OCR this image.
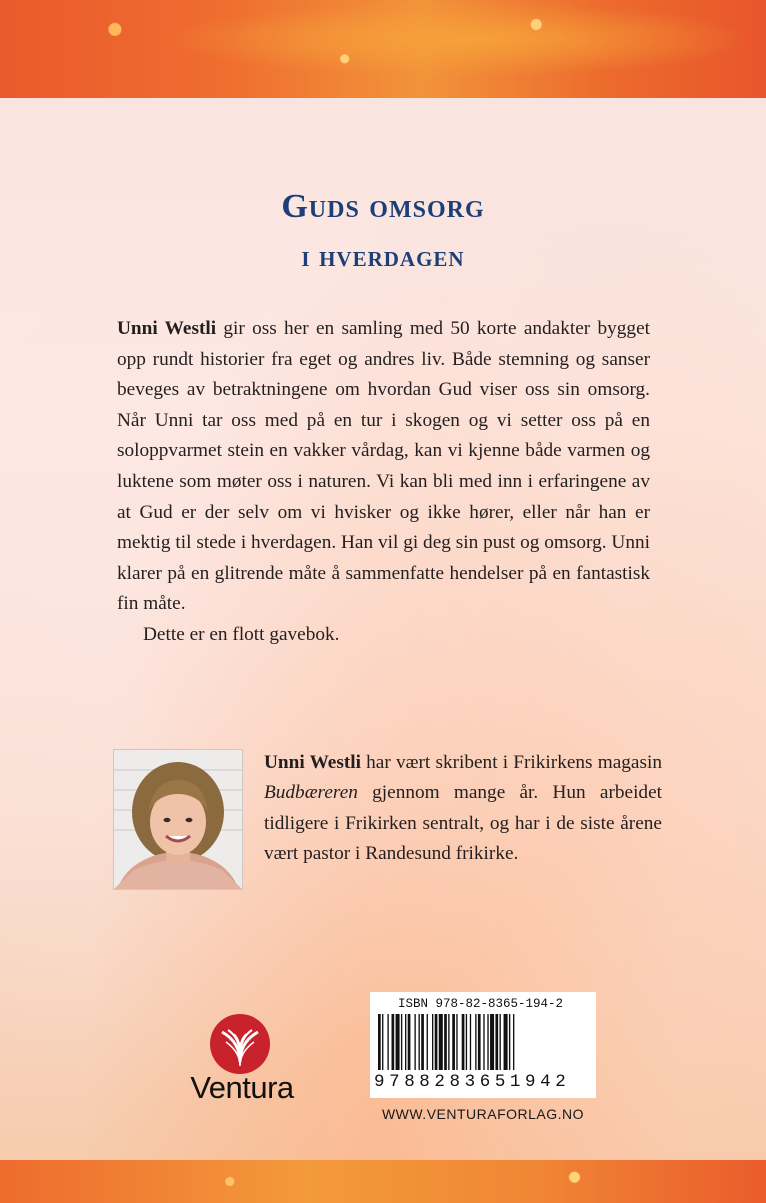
Guds omsorg
i hverdagen

Unni Westli gir oss her en samling med 50 korte andakter bygget opp rundt historier fra eget og andres liv. Både stemning og sanser beveges av betraktningene om hvordan Gud viser oss sin omsorg. Når Unni tar oss med på en tur i skogen og vi setter oss på en soloppvarmet stein en vakker vårdag, kan vi kjenne både varmen og luktene som møter oss i naturen. Vi kan bli med inn i erfaringene av at Gud er der selv om vi hvisker og ikke hører, eller når han er mektig til stede i hverdagen. Han vil gi deg sin pust og omsorg. Unni klarer på en glitrende måte å sammenfatte hendelser på en fantastisk fin måte.

Dette er en flott gavebok.

Unni Westli har vært skribent i Frikirkens magasin Budbæreren gjennom mange år. Hun arbeidet tidligere i Frikirken sentralt, og har i de siste årene vært pastor i Randesund frikirke.

Ventura
ISBN 978-82-8365-194-2
9788283651942
WWW.VENTURAFORLAG.NO
